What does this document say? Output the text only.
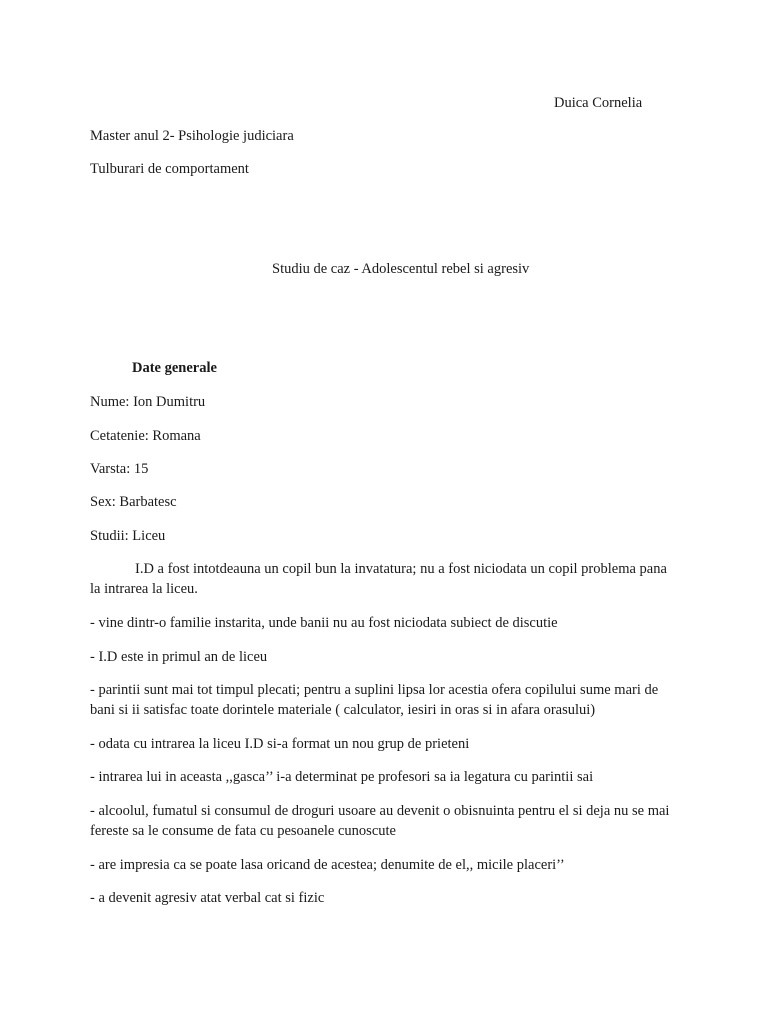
Duica Cornelia
Master anul 2- Psihologie judiciara
Tulburari de comportament
Studiu de caz - Adolescentul rebel si agresiv
Date generale
Nume: Ion Dumitru
Cetatenie: Romana
Varsta: 15
Sex: Barbatesc
Studii: Liceu
I.D a fost intotdeauna un copil bun la invatatura; nu a fost niciodata un copil problema pana la intrarea la liceu.
- vine dintr-o familie instarita, unde banii nu au fost niciodata subiect de discutie
- I.D este in primul an de liceu
- parintii sunt mai tot timpul plecati; pentru a suplini lipsa lor acestia ofera copilului sume mari de bani si ii satisfac toate dorintele materiale ( calculator, iesiri in oras si in afara orasului)
- odata cu intrarea la liceu I.D si-a format un nou grup de prieteni
- intrarea lui in aceasta ,,gasca’’ i-a determinat pe profesori sa ia legatura cu parintii sai
- alcoolul, fumatul si consumul de droguri usoare au devenit o obisnuinta pentru el si deja nu se mai fereste sa le consume de fata cu pesoanele cunoscute
- are impresia ca se poate lasa oricand de acestea; denumite de el,, micile placeri’’
- a devenit agresiv atat verbal cat si fizic
